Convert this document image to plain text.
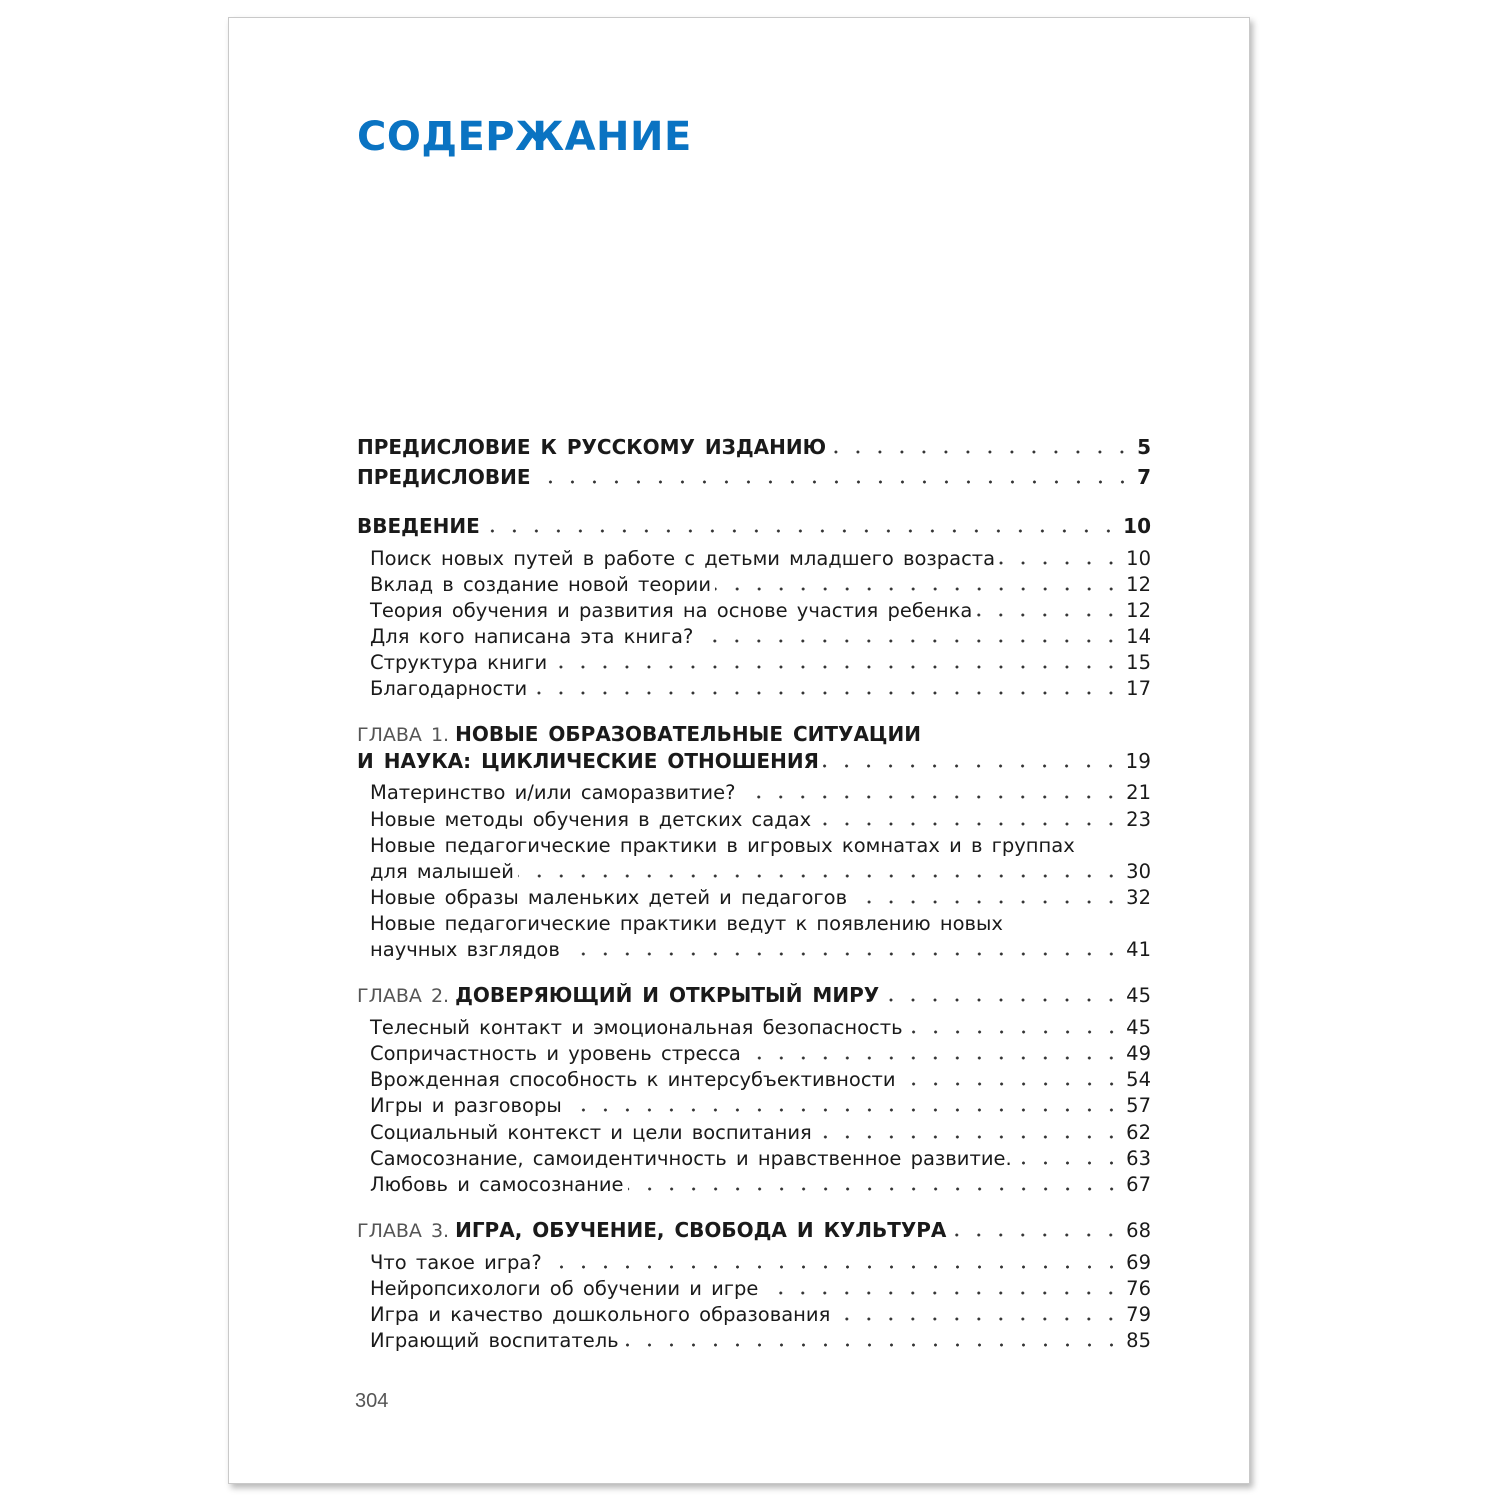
СОДЕРЖАНИЕ
ПРЕДИСЛОВИЕ К РУССКОМУ ИЗДАНИЮ	5
ПРЕДИСЛОВИЕ	7
ВВЕДЕНИЕ	10
Поиск новых путей в работе с детьми младшего возраста	10
Вклад в создание новой теории	12
Теория обучения и развития на основе участия ребенка	12
Для кого написана эта книга?	14
Структура книги	15
Благодарности	17
ГЛАВА 1. НОВЫЕ ОБРАЗОВАТЕЛЬНЫЕ СИТУАЦИИ
И НАУКА: ЦИКЛИЧЕСКИЕ ОТНОШЕНИЯ	19
Материнство и/или саморазвитие?	21
Новые методы обучения в детских садах	23
Новые педагогические практики в игровых комнатах и в группах
для малышей	30
Новые образы маленьких детей и педагогов	32
Новые педагогические практики ведут к появлению новых
научных взглядов	41
ГЛАВА 2. ДОВЕРЯЮЩИЙ И ОТКРЫТЫЙ МИРУ	45
Телесный контакт и эмоциональная безопасность	45
Сопричастность и уровень стресса	49
Врожденная способность к интерсубъективности	54
Игры и разговоры	57
Социальный контекст и цели воспитания	62
Самосознание, самоидентичность и нравственное развитие.	63
Любовь и самосознание	67
ГЛАВА 3. ИГРА, ОБУЧЕНИЕ, СВОБОДА И КУЛЬТУРА	68
Что такое игра?	69
Нейропсихологи об обучении и игре	76
Игра и качество дошкольного образования	79
Играющий воспитатель	85
304
